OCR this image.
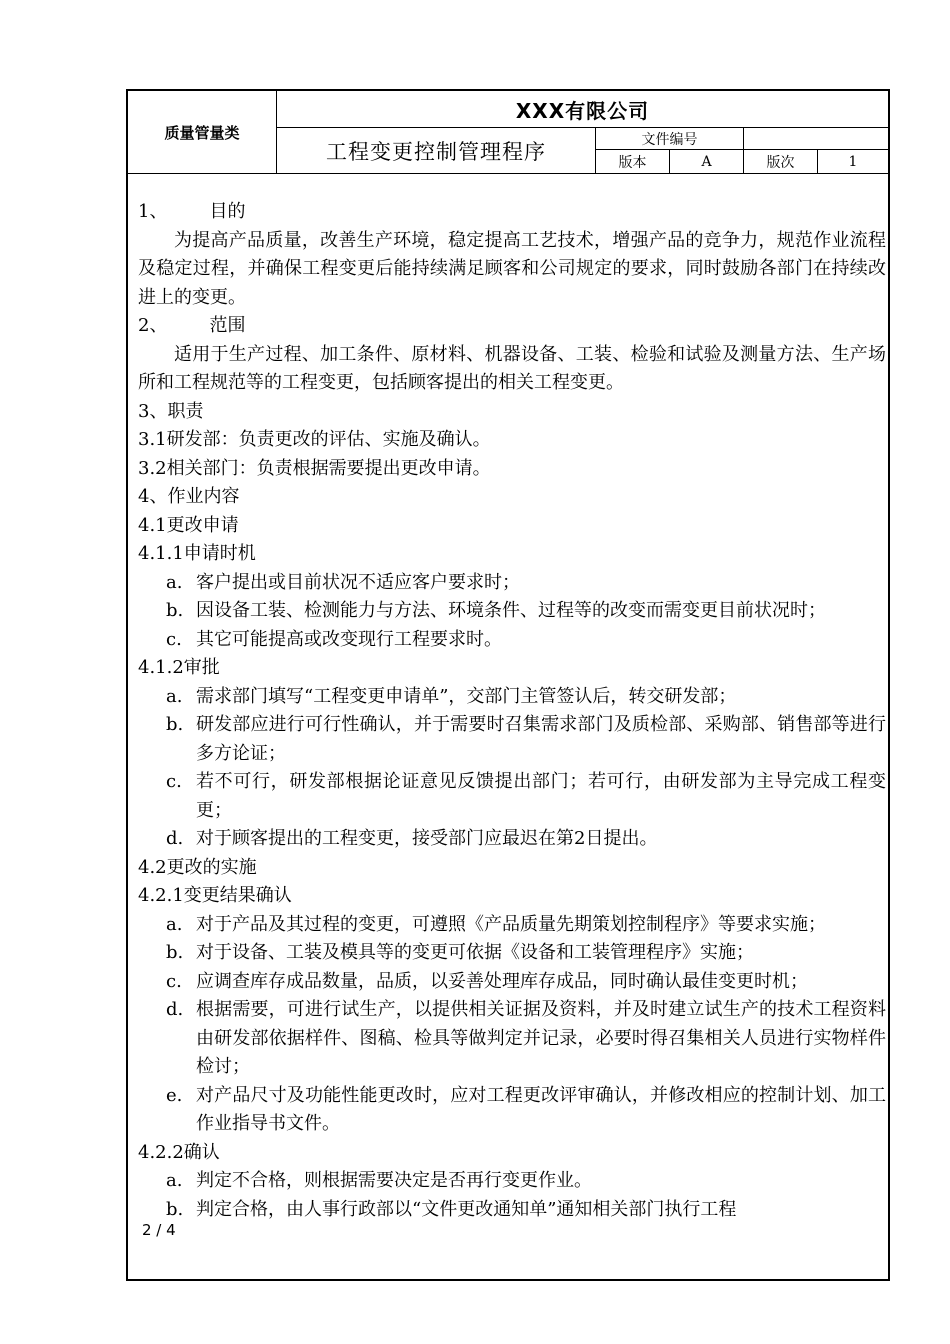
质量管量类
XXX有限公司
工程变更控制管理程序	文件编号
版本	A	版次	1

1、 目的

为提高产品质量，改善生产环境，稳定提高工艺技术，增强产品的竞争力，规范作业流程及稳定过程，并确保工程变更后能持续满足顾客和公司规定的要求，同时鼓励各部门在持续改进上的变更。

2、 范围

适用于生产过程、加工条件、原材料、机器设备、工装、检验和试验及测量方法、生产场所和工程规范等的工程变更，包括顾客提出的相关工程变更。

3、职责

3.1研发部：负责更改的评估、实施及确认。

3.2相关部门：负责根据需要提出更改申请。

4、作业内容

4.1更改申请

4.1.1申请时机

a. 客户提出或目前状况不适应客户要求时；
b. 因设备工装、检测能力与方法、环境条件、过程等的改变而需变更目前状况时；
c. 其它可能提高或改变现行工程要求时。

4.1.2审批

a. 需求部门填写“工程变更申请单”，交部门主管签认后，转交研发部；
b. 研发部应进行可行性确认，并于需要时召集需求部门及质检部、采购部、销售部等进行多方论证；
c. 若不可行，研发部根据论证意见反馈提出部门；若可行，由研发部为主导完成工程变更；
d. 对于顾客提出的工程变更，接受部门应最迟在第2日提出。

4.2更改的实施

4.2.1变更结果确认

a. 对于产品及其过程的变更，可遵照《产品质量先期策划控制程序》等要求实施；
b. 对于设备、工装及模具等的变更可依据《设备和工装管理程序》实施；
c. 应调查库存成品数量，品质，以妥善处理库存成品，同时确认最佳变更时机；
d. 根据需要，可进行试生产，以提供相关证据及资料，并及时建立试生产的技术工程资料由研发部依据样件、图稿、检具等做判定并记录，必要时得召集相关人员进行实物样件检讨；
e. 对产品尺寸及功能性能更改时，应对工程更改评审确认，并修改相应的控制计划、加工作业指导书文件。

4.2.2确认

a. 判定不合格，则根据需要决定是否再行变更作业。
b. 判定合格，由人事行政部以“文件更改通知单”通知相关部门执行工程
2 / 4
